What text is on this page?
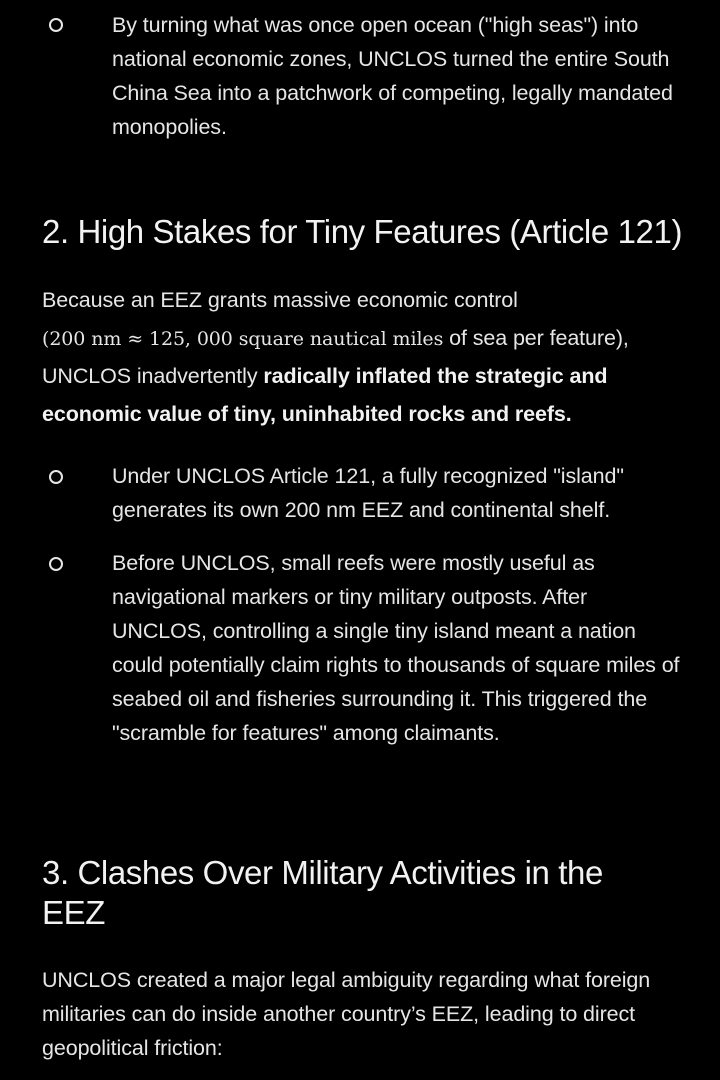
By turning what was once open ocean ("high seas") into national economic zones, UNCLOS turned the entire South China Sea into a patchwork of competing, legally mandated monopolies.
2. High Stakes for Tiny Features (Article 121)

Because an EEZ grants massive economic control
(200 nm ≈ 125, 000 square nautical miles of sea per feature), UNCLOS inadvertently radically inflated the strategic and economic value of tiny, uninhabited rocks and reefs.

Under UNCLOS Article 121, a fully recognized "island" generates its own 200 nm EEZ and continental shelf.
Before UNCLOS, small reefs were mostly useful as navigational markers or tiny military outposts. After UNCLOS, controlling a single tiny island meant a nation could potentially claim rights to thousands of square miles of seabed oil and fisheries surrounding it. This triggered the "scramble for features" among claimants.
3. Clashes Over Military Activities in the EEZ

UNCLOS created a major legal ambiguity regarding what foreign militaries can do inside another country’s EEZ, leading to direct geopolitical friction:
